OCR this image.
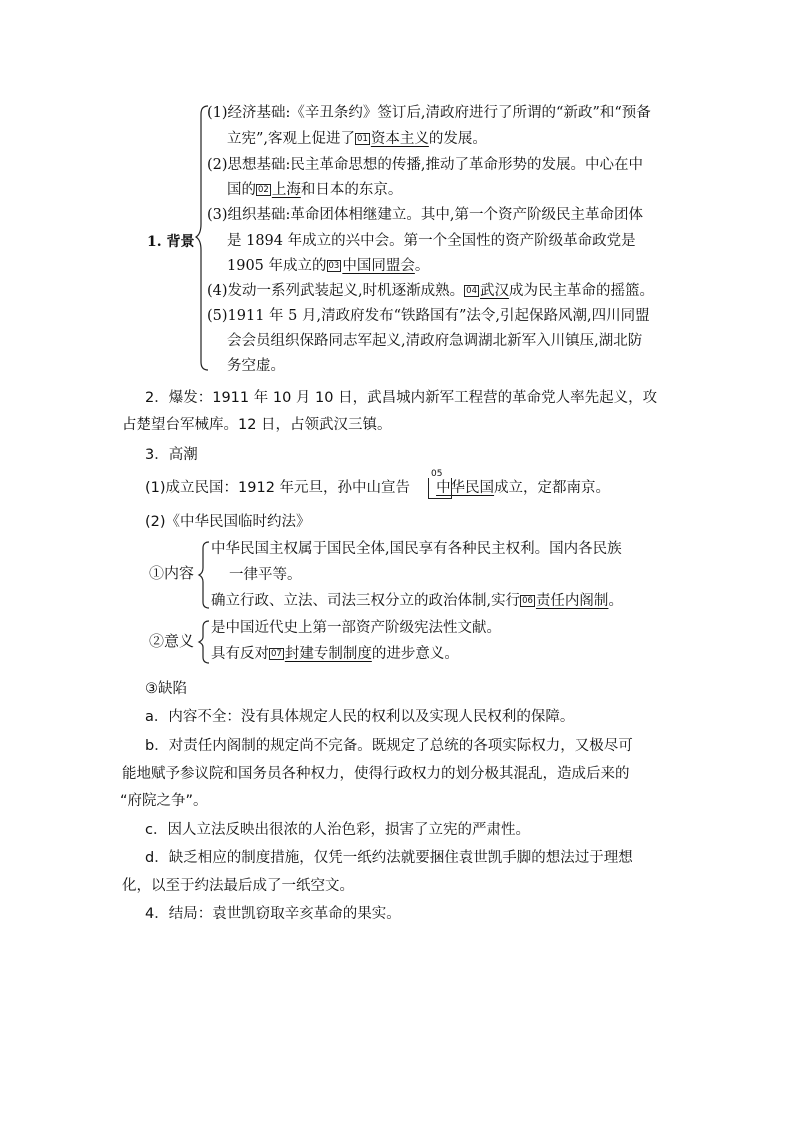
1. 背景
(1)经济基础:《辛丑条约》签订后,清政府进行了所谓的“新政”和“预备
立宪”,客观上促进了 01 资本主义的发展。
(2)思想基础:民主革命思想的传播,推动了革命形势的发展。中心在中
国的 02 上海和日本的东京。
(3)组织基础:革命团体相继建立。其中,第一个资产阶级民主革命团体
是 1894 年成立的兴中会。第一个全国性的资产阶级革命政党是
1905 年成立的 03 中国同盟会。
(4)发动一系列武装起义,时机逐渐成熟。 04 武汉成为民主革命的摇篮。
(5)1911 年 5 月,清政府发布“铁路国有”法令,引起保路风潮,四川同盟
会会员组织保路同志军起义,清政府急调湖北新军入川镇压,湖北防
务空虚。
2．爆发：1911 年 10 月 10 日，武昌城内新军工程营的革命党人率先起义，攻
占楚望台军械库。12 日，占领武汉三镇。
3．高潮
(1)成立民国：1912 年元旦，孙中山宣告 中华民国成立，定都南京。
05
(2)《中华民国临时约法》
①内容
中华民国主权属于国民全体,国民享有各种民主权利。国内各民族
一律平等。
确立行政、立法、司法三权分立的政治体制,实行 06 责任内阁制。
②意义
是中国近代史上第一部资产阶级宪法性文献。
具有反对 07 封建专制制度的进步意义。
③缺陷
a．内容不全：没有具体规定人民的权利以及实现人民权利的保障。
b．对责任内阁制的规定尚不完备。既规定了总统的各项实际权力，又极尽可
能地赋予参议院和国务员各种权力，使得行政权力的划分极其混乱，造成后来的
“府院之争”。
c．因人立法反映出很浓的人治色彩，损害了立宪的严肃性。
d．缺乏相应的制度措施，仅凭一纸约法就要捆住袁世凯手脚的想法过于理想
化，以至于约法最后成了一纸空文。
4．结局：袁世凯窃取辛亥革命的果实。
